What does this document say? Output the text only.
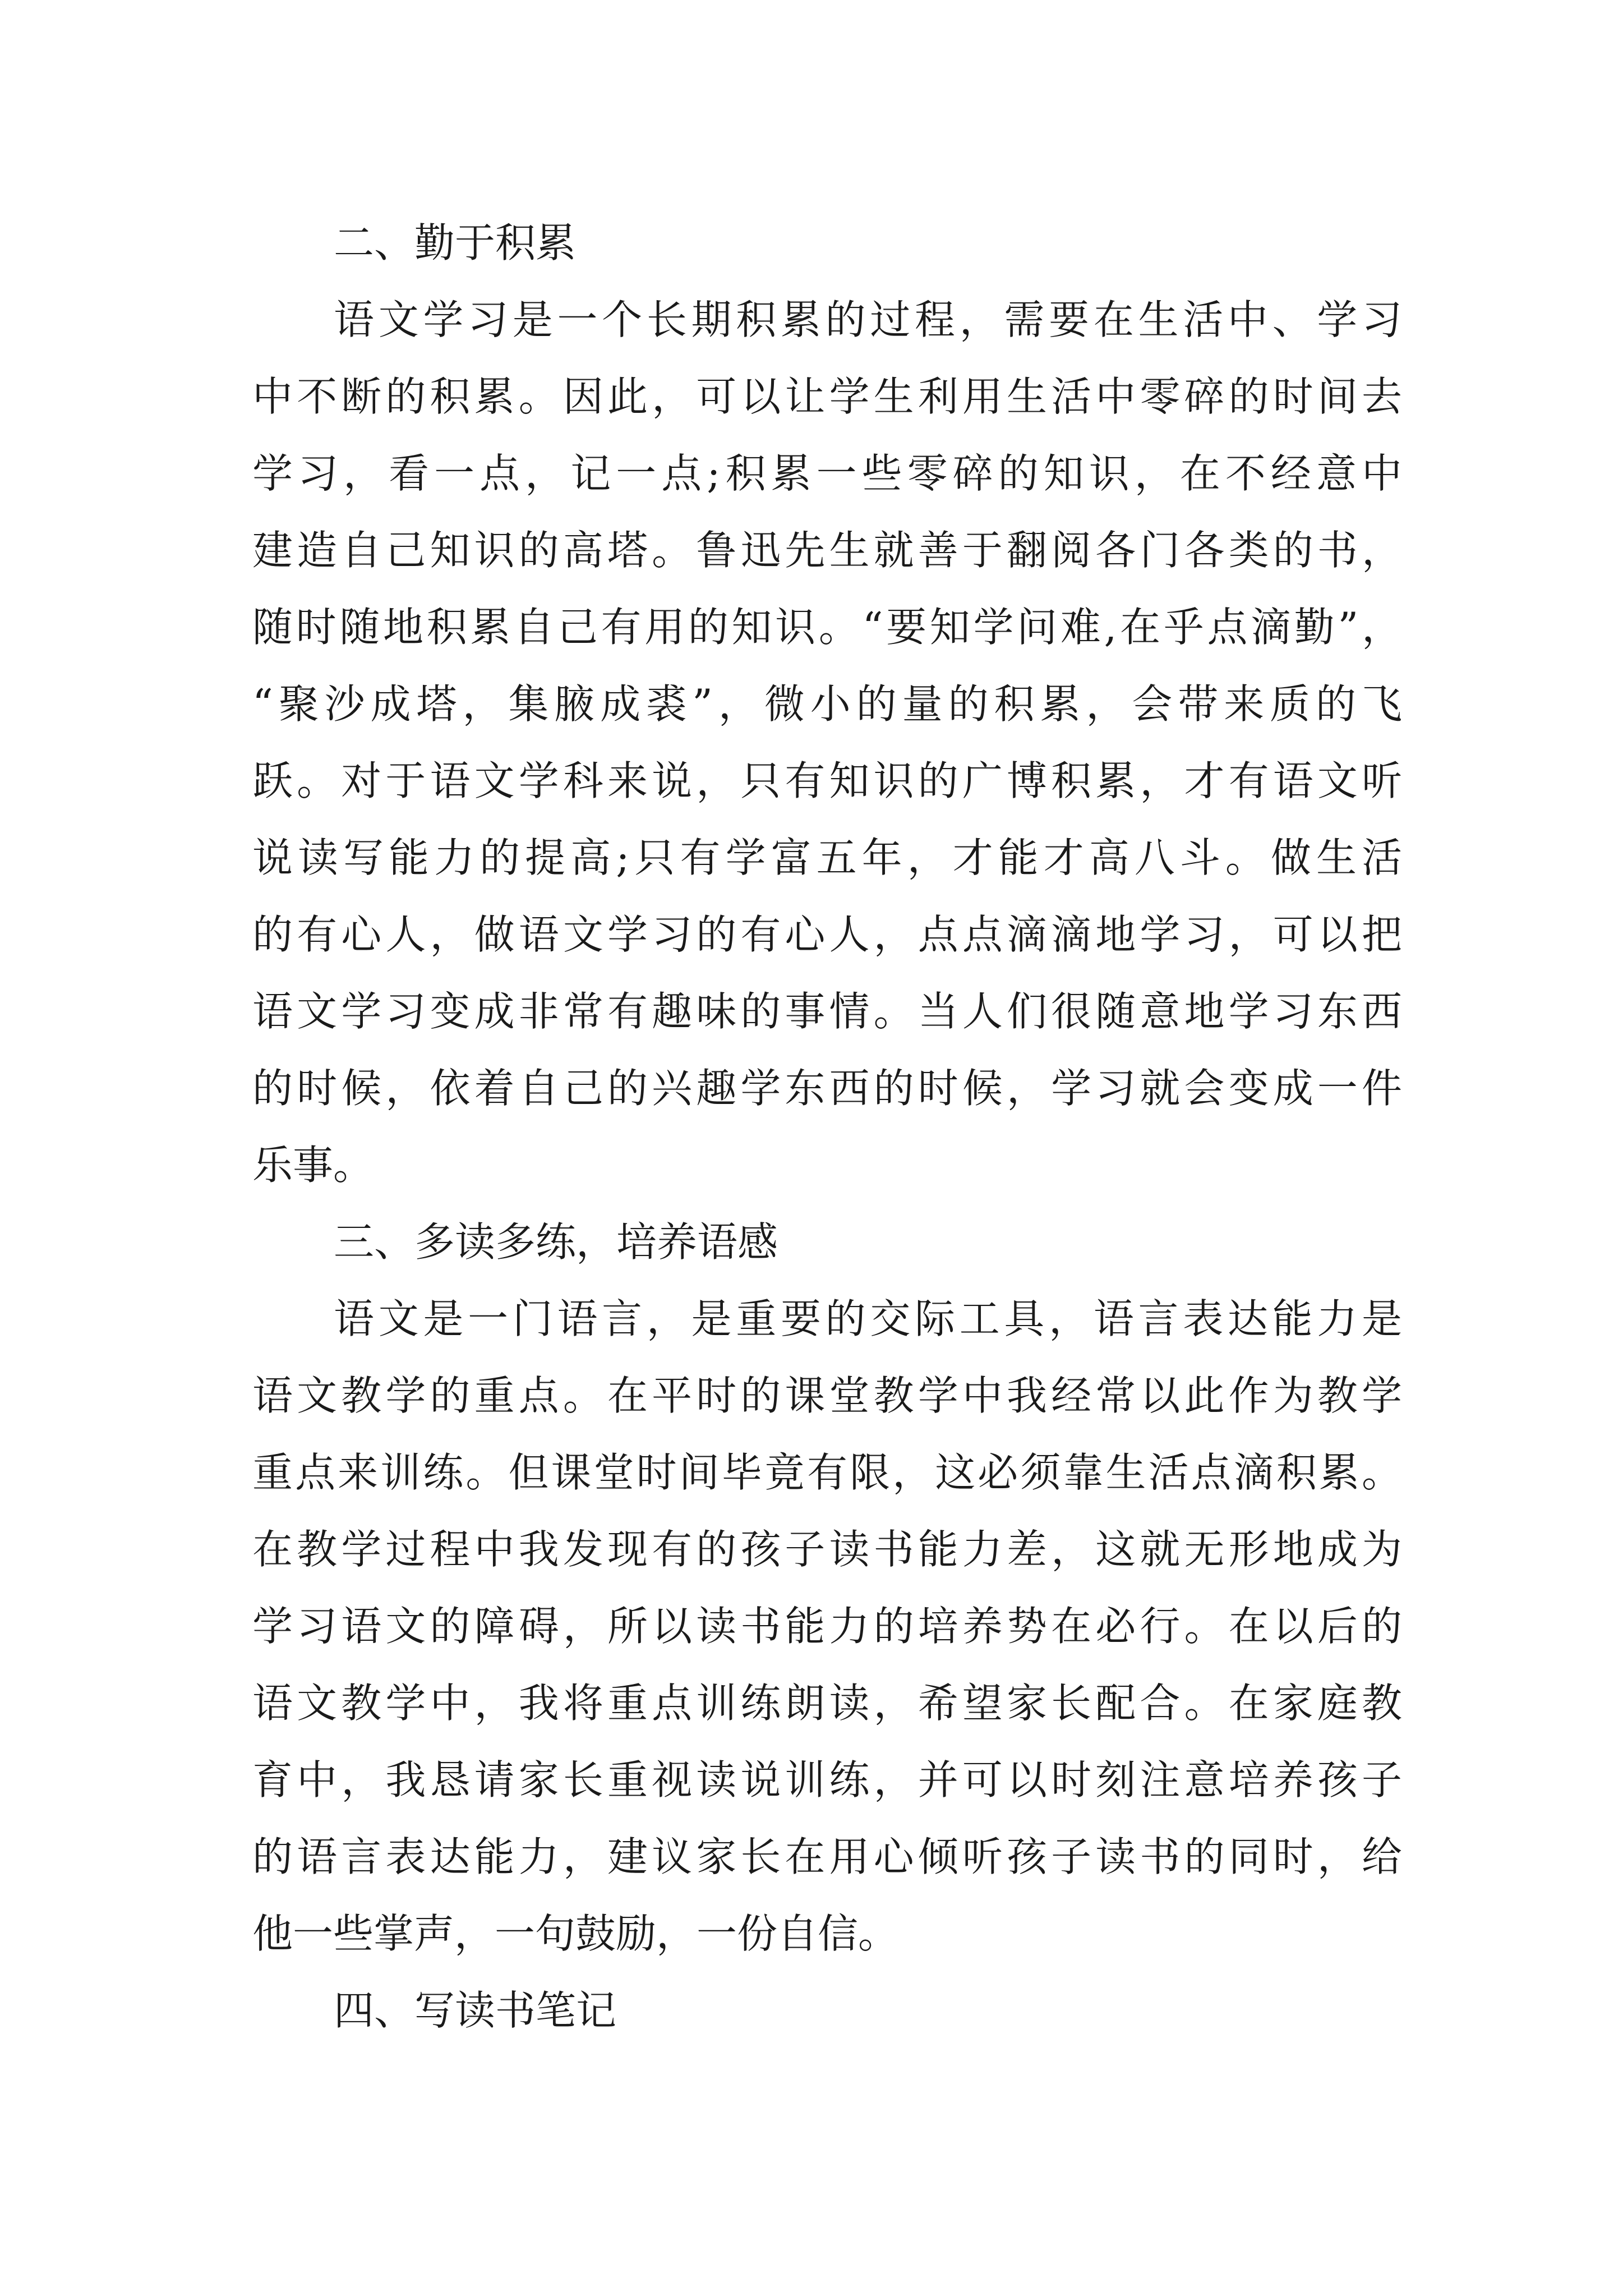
二、勤于积累
语文学习是一个长期积累的过程，需要在生活中、学习
中不断的积累。因此，可以让学生利用生活中零碎的时间去
学习，看一点，记一点;积累一些零碎的知识，在不经意中
建造自己知识的高塔。鲁迅先生就善于翻阅各门各类的书，
随时随地积累自己有用的知识。“要知学问难,在乎点滴勤”，
“聚沙成塔，集腋成裘”，微小的量的积累，会带来质的飞
跃。对于语文学科来说，只有知识的广博积累，才有语文听
说读写能力的提高;只有学富五年，才能才高八斗。做生活
的有心人，做语文学习的有心人，点点滴滴地学习，可以把
语文学习变成非常有趣味的事情。当人们很随意地学习东西
的时候，依着自己的兴趣学东西的时候，学习就会变成一件
乐事。
三、多读多练，培养语感
语文是一门语言，是重要的交际工具，语言表达能力是
语文教学的重点。在平时的课堂教学中我经常以此作为教学
重点来训练。但课堂时间毕竟有限，这必须靠生活点滴积累。
在教学过程中我发现有的孩子读书能力差，这就无形地成为
学习语文的障碍，所以读书能力的培养势在必行。在以后的
语文教学中，我将重点训练朗读，希望家长配合。在家庭教
育中，我恳请家长重视读说训练，并可以时刻注意培养孩子
的语言表达能力，建议家长在用心倾听孩子读书的同时，给
他一些掌声，一句鼓励，一份自信。
四、写读书笔记
